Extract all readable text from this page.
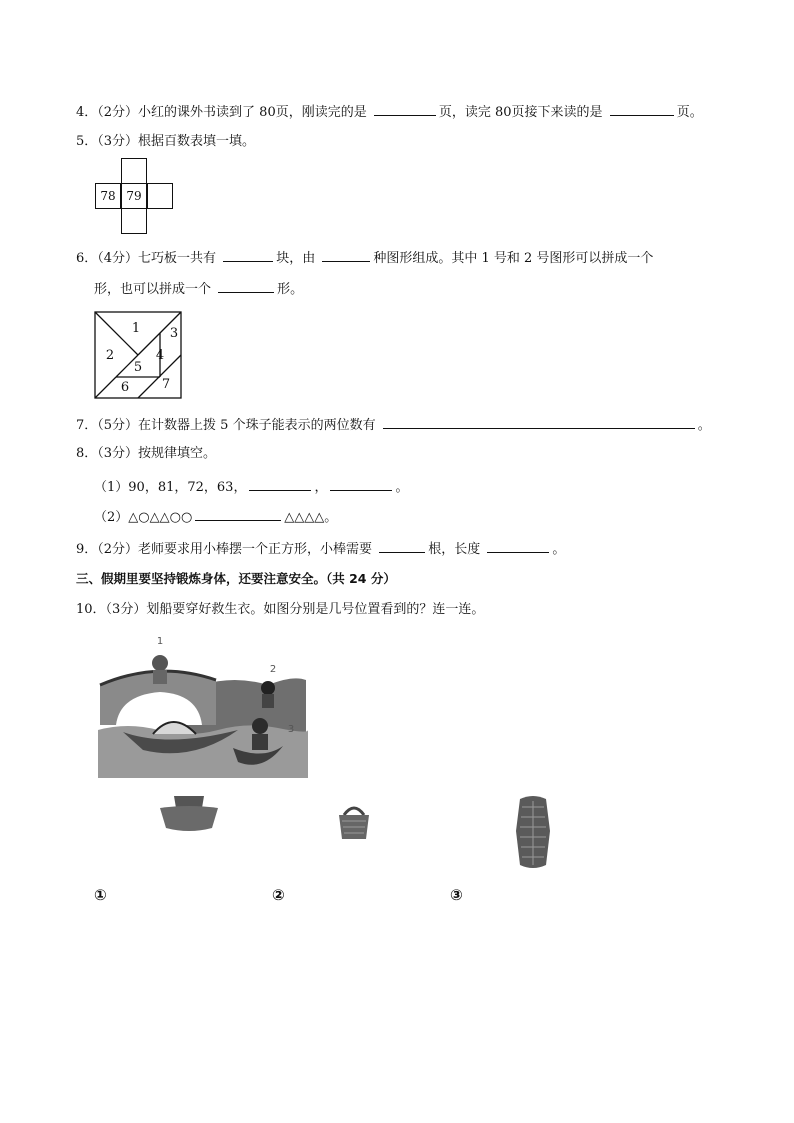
4．（2分）小红的课外书读到了 80页，刚读完的是	页，读完 80页接下来读的是	页。
5．（3分）根据百数表填一填。
78 79
6．（4分）七巧板一共有	块，由	种图形组成。其中 1 号和 2 号图形可以拼成一个
形，也可以拼成一个	形。
1
2
3
4
5
6	7
7．（5分）在计数器上拨 5 个珠子能表示的两位数有	。
8．（3分）按规律填空。
（1）90，81，72，63，	，	。
（2）△○△△○○	△△△△。
9．（2分）老师要求用小棒摆一个正方形，小棒需要	根，长度	。
三、假期里要坚持锻炼身体，还要注意安全。（共 24 分）
10．（3分）划船要穿好救生衣。如图分别是几号位置看到的？连一连。
1
2
3
①	②	③
